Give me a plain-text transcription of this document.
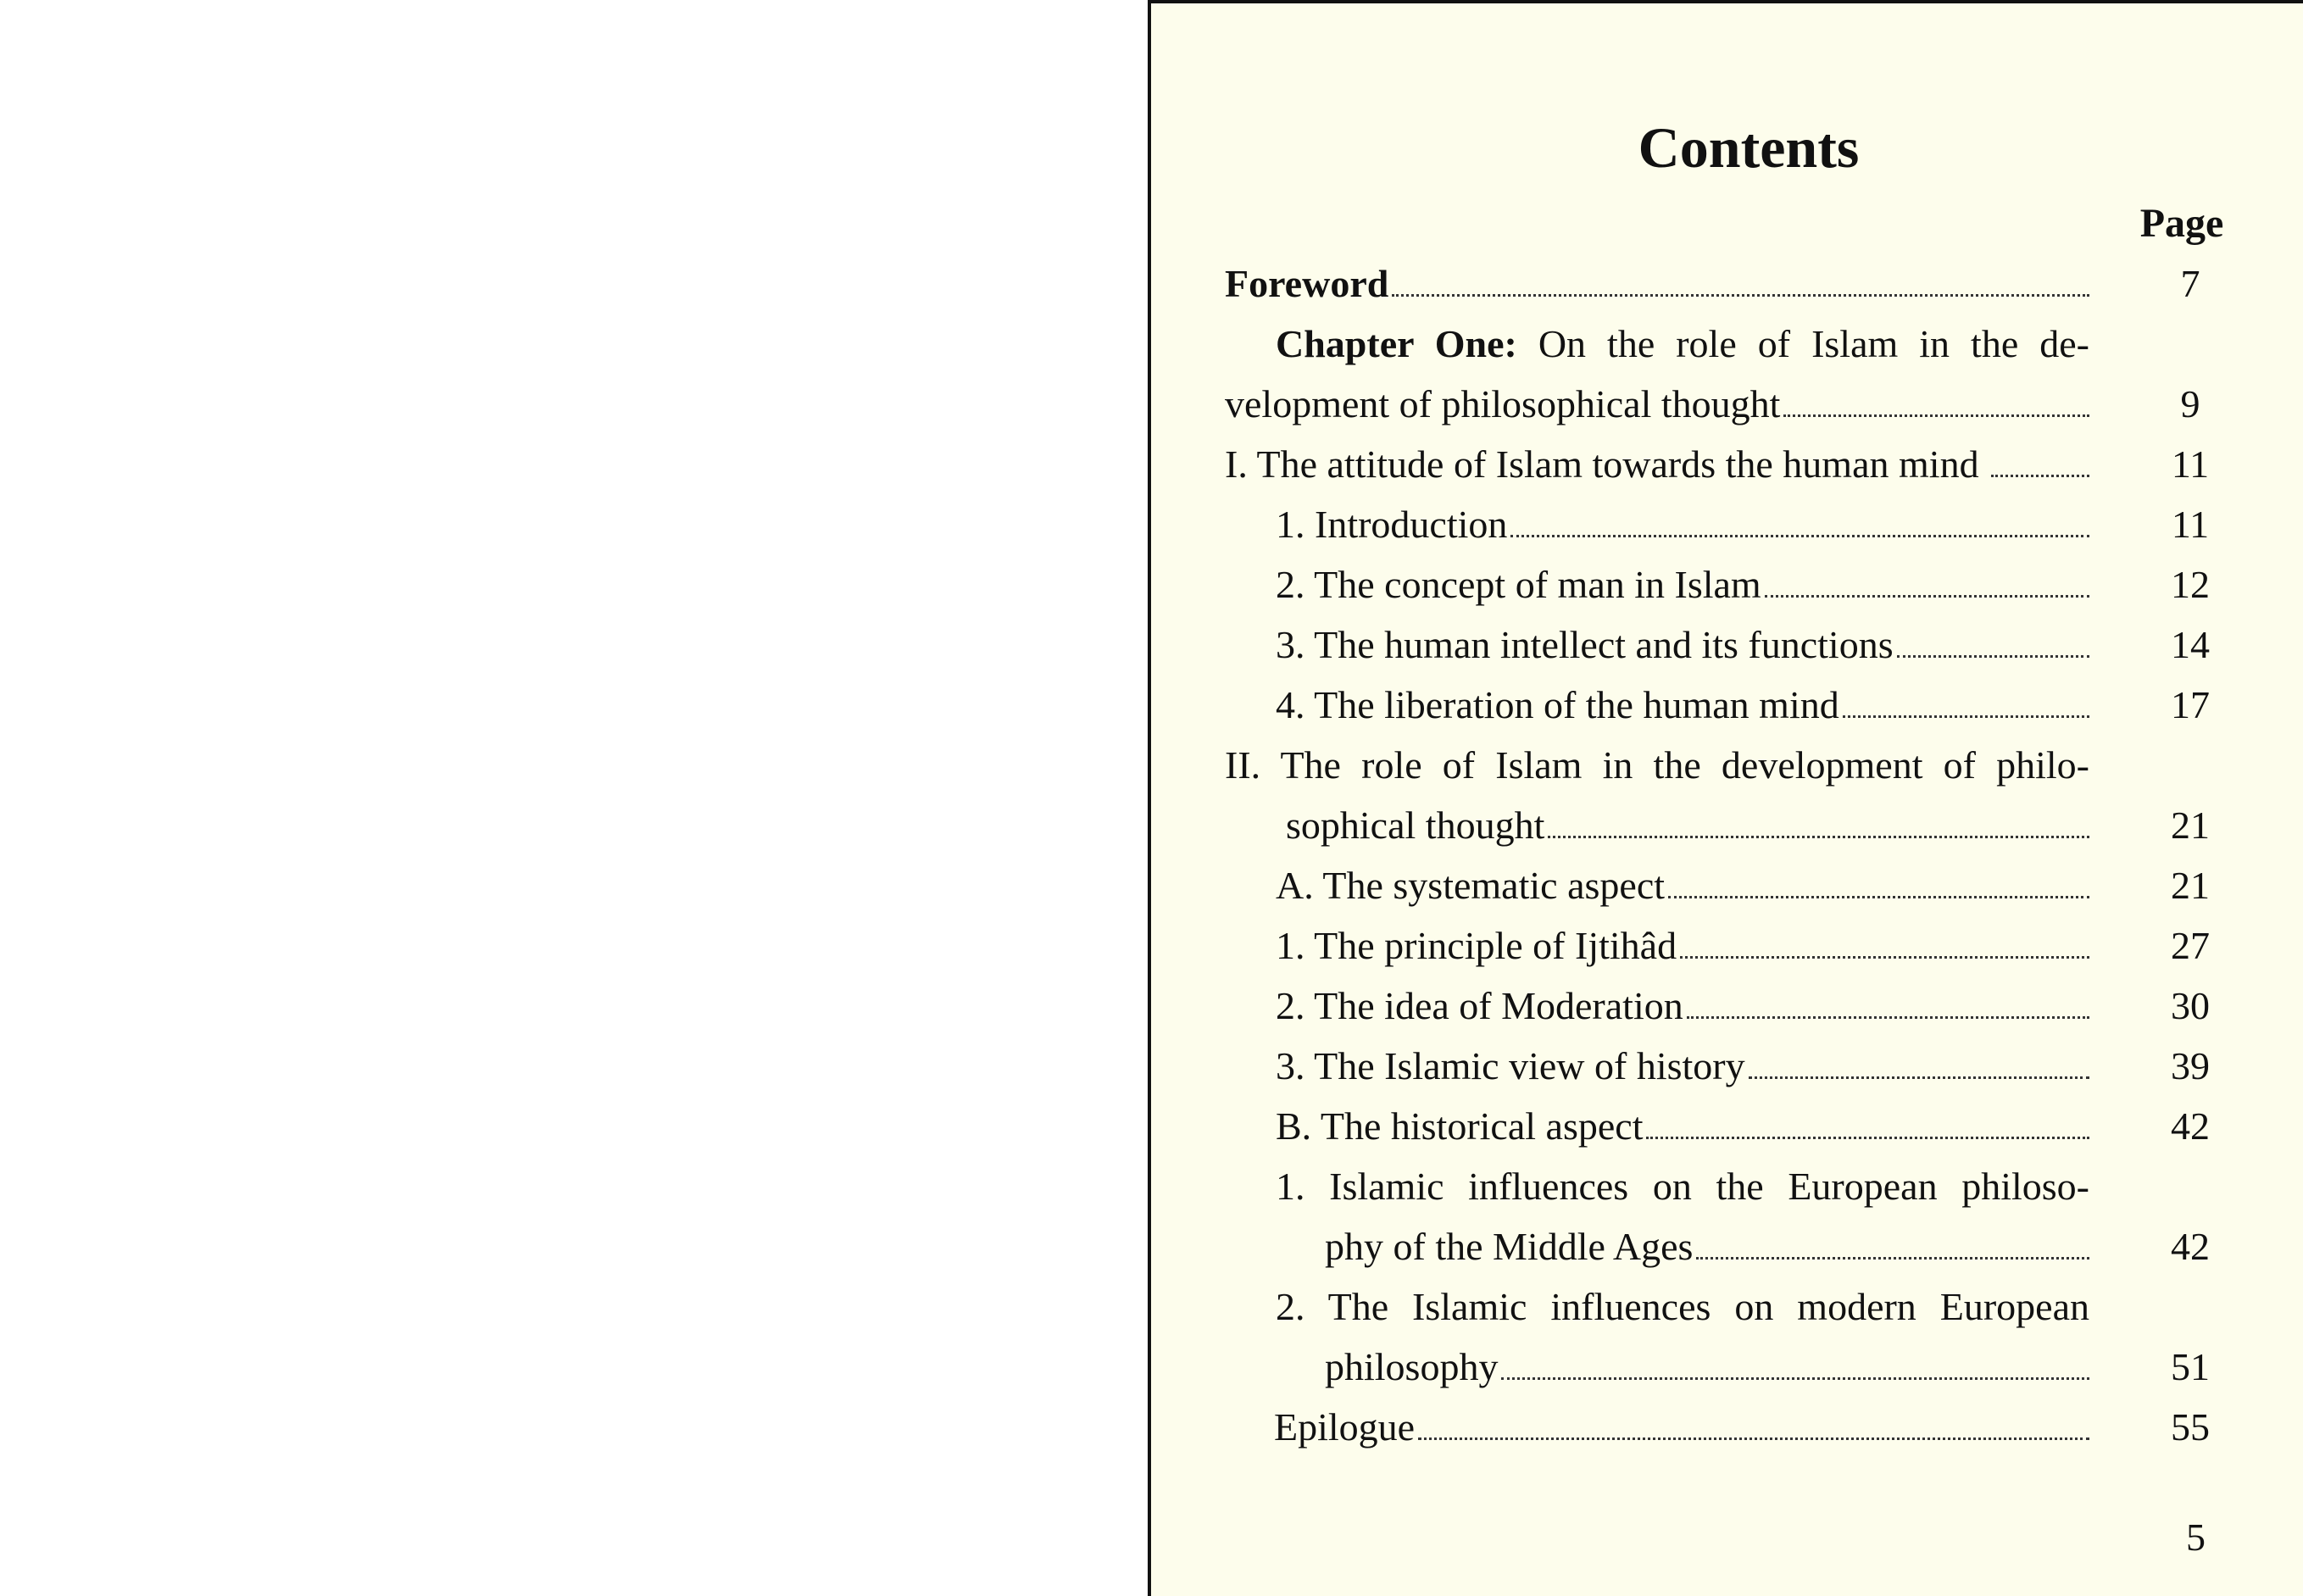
Contents
Page
Foreword	7
Chapter One: On the role of Islam in the de-
velopment of philosophical thought	9
I. The attitude of Islam towards the human mind	11
1. Introduction	11
2. The concept of man in Islam	12
3. The human intellect and its functions	14
4. The liberation of the human mind	17
II. The role of Islam in the development of philo-
sophical thought	21
A. The systematic aspect	21
1. The principle of Ijtihâd	27
2. The idea of Moderation	30
3. The Islamic view of history	39
B. The historical aspect	42
1. Islamic influences on the European philoso-
phy of the Middle Ages	42
2. The Islamic influences on modern European
philosophy	51
Epilogue	55
5
